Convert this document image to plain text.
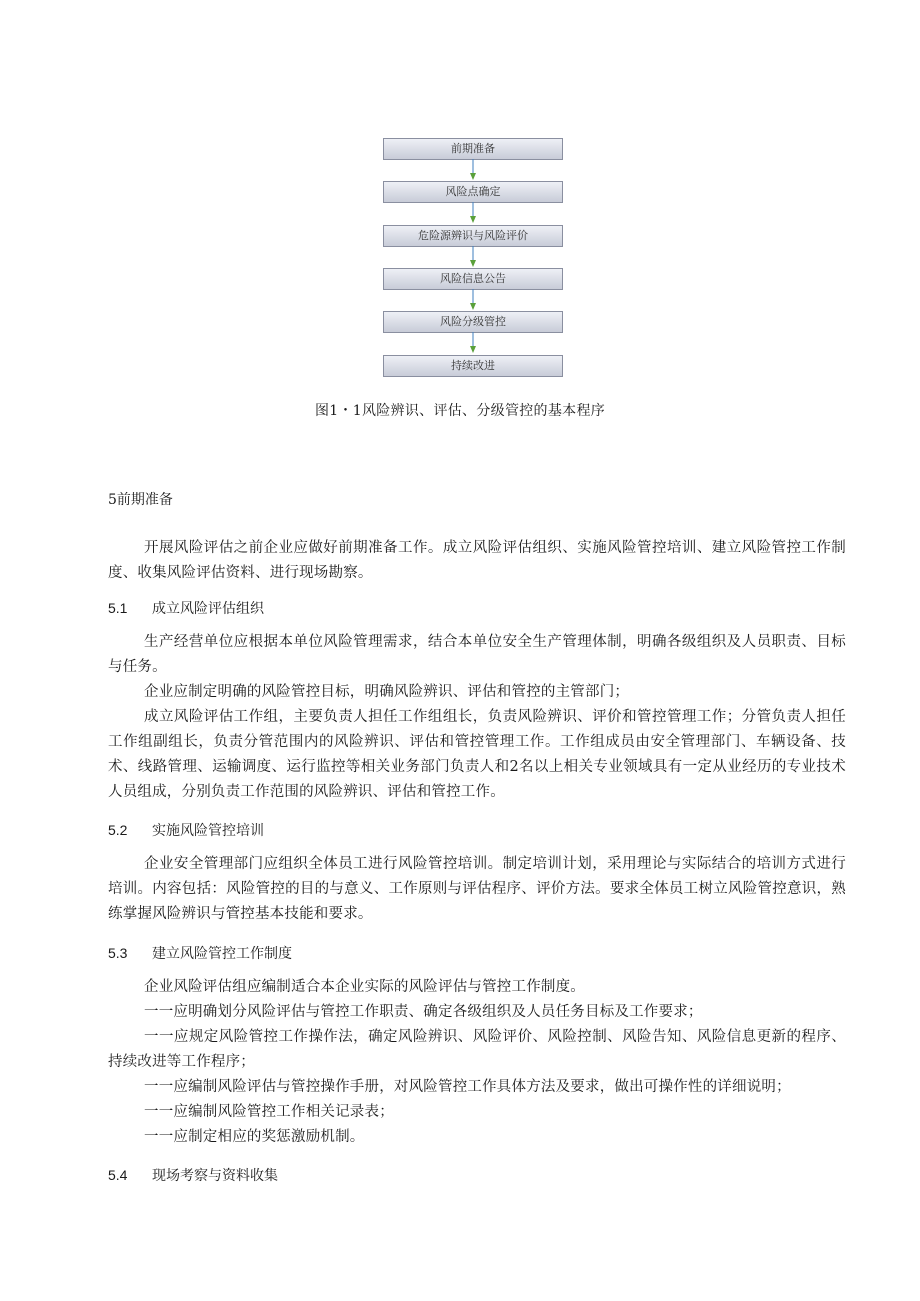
前期准备
风险点确定
危险源辨识与风险评价
风险信息公告
风险分级管控
持续改进
图1・1风险辨识、评估、分级管控的基本程序
5前期准备

开展风险评估之前企业应做好前期准备工作。成立风险评估组织、实施风险管控培训、建立风险管控工作制度、收集风险评估资料、进行现场勘察。

5.1 成立风险评估组织

生产经营单位应根据本单位风险管理需求，结合本单位安全生产管理体制，明确各级组织及人员职责、目标与任务。

企业应制定明确的风险管控目标，明确风险辨识、评估和管控的主管部门；

成立风险评估工作组，主要负责人担任工作组组长，负责风险辨识、评价和管控管理工作；分管负责人担任工作组副组长，负责分管范围内的风险辨识、评估和管控管理工作。工作组成员由安全管理部门、车辆设备、技术、线路管理、运输调度、运行监控等相关业务部门负责人和2名以上相关专业领域具有一定从业经历的专业技术人员组成，分别负责工作范围的风险辨识、评估和管控工作。

5.2 实施风险管控培训

企业安全管理部门应组织全体员工进行风险管控培训。制定培训计划，采用理论与实际结合的培训方式进行培训。内容包括：风险管控的目的与意义、工作原则与评估程序、评价方法。要求全体员工树立风险管控意识，熟练掌握风险辨识与管控基本技能和要求。

5.3 建立风险管控工作制度

企业风险评估组应编制适合本企业实际的风险评估与管控工作制度。

一一应明确划分风险评估与管控工作职责、确定各级组织及人员任务目标及工作要求；

一一应规定风险管控工作操作法，确定风险辨识、风险评价、风险控制、风险告知、风险信息更新的程序、持续改进等工作程序；

一一应编制风险评估与管控操作手册，对风险管控工作具体方法及要求，做出可操作性的详细说明；

一一应编制风险管控工作相关记录表；

一一应制定相应的奖惩激励机制。

5.4 现场考察与资料收集
